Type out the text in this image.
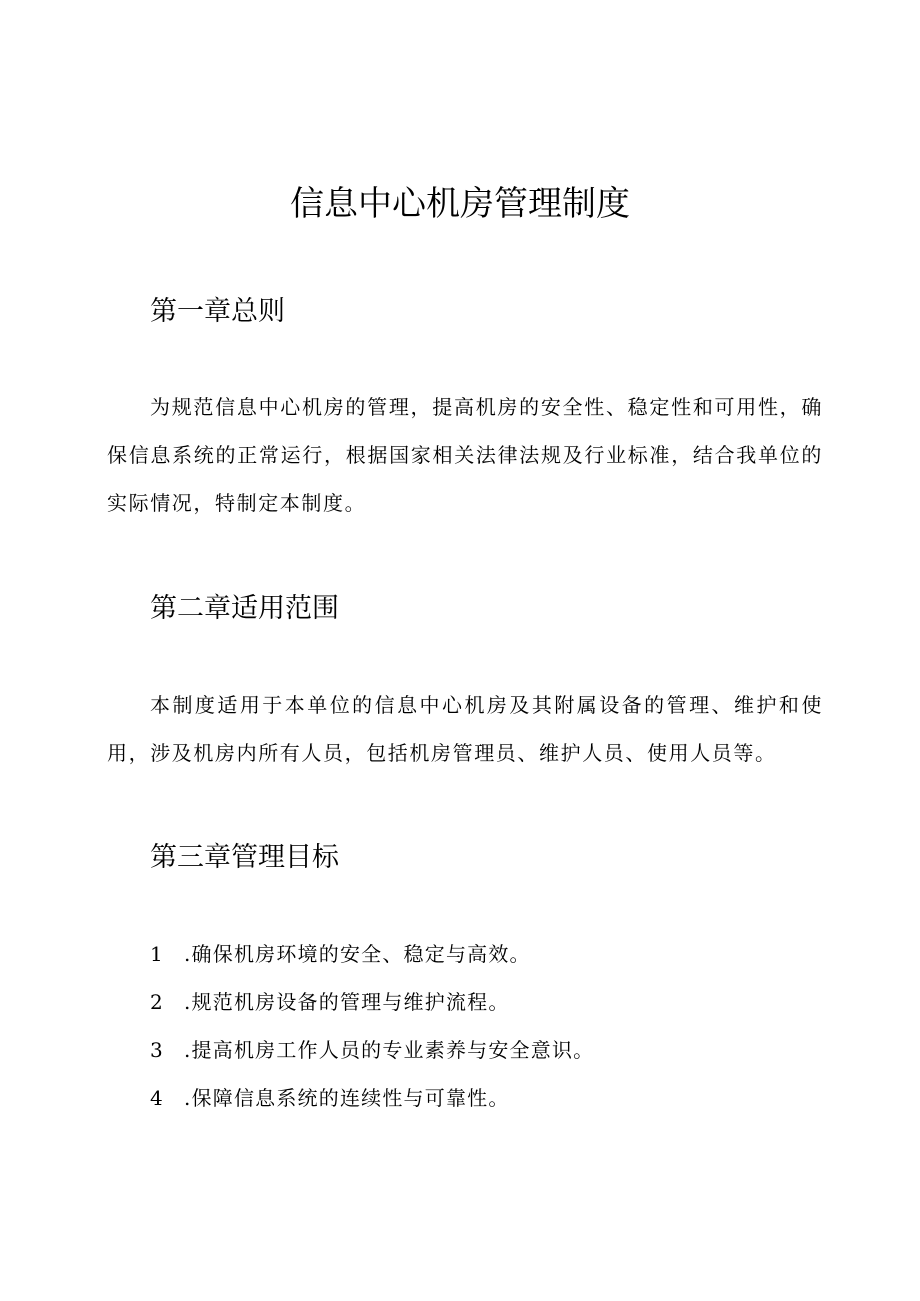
信息中心机房管理制度
第一章总则

为规范信息中心机房的管理，提高机房的安全性、稳定性和可用性，确保信息系统的正常运行，根据国家相关法律法规及行业标准，结合我单位的实际情况，特制定本制度。

第二章适用范围

本制度适用于本单位的信息中心机房及其附属设备的管理、维护和使用，涉及机房内所有人员，包括机房管理员、维护人员、使用人员等。

第三章管理目标
1	.确保机房环境的安全、稳定与高效。
2	.规范机房设备的管理与维护流程。
3	.提高机房工作人员的专业素养与安全意识。
4	.保障信息系统的连续性与可靠性。
